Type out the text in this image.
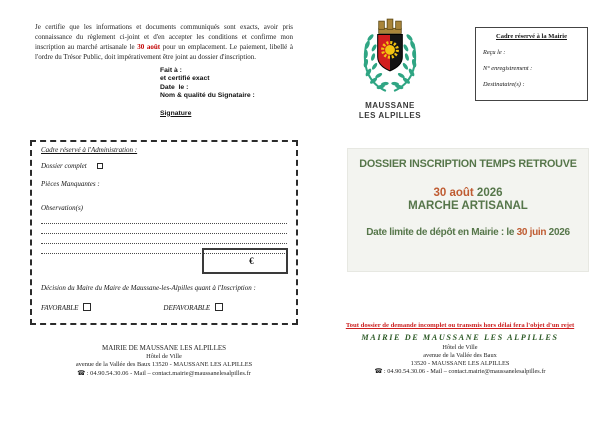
Je certifie que les informations et documents communiqués sont exacts, avoir pris connaissance du règlement ci-joint et d'en accepter les conditions et confirme mon inscription au marché artisanale le 30 août pour un emplacement. Le paiement, libellé à l'ordre du Trésor Public, doit impérativement être joint au dossier d'inscription.
Fait à :
et certifié exact
Date  le :
Nom & qualité du Signataire :
Signature
Cadre réservé à l'Administration :
Dossier complet
Pièces Manquantes :
Observation(s)
€
Décision du Maire du Maire de Maussane-les-Alpilles quant à l'Inscription :
FAVORABLE	DEFAVORABLE
MAIRIE DE MAUSSANE LES ALPILLES
Hôtel de Ville
avenue de la Vallée des Baux 13520 - MAUSSANE LES ALPILLES
☎ : 04.90.54.30.06 - Mail – contact.mairie@maussanelesalpilles.fr
MAUSSANE
LES ALPILLES
Cadre réservé à la Mairie
Reçu le :
N° enregistrement :
Destinataire(s) :
DOSSIER INSCRIPTION TEMPS RETROUVE
30 août 2026
MARCHE ARTISANAL
Date limite de dépôt en Mairie : le 30 juin 2026
Tout dossier de demande incomplet ou transmis hors délai fera l'objet d'un rejet
MAIRIE DE MAUSSANE LES ALPILLES
Hôtel de Ville
avenue de la Vallée des Baux
13520 - MAUSSANE LES ALPILLES
☎ : 04.90.54.30.06 - Mail – contact.mairie@maussanelesalpilles.fr
